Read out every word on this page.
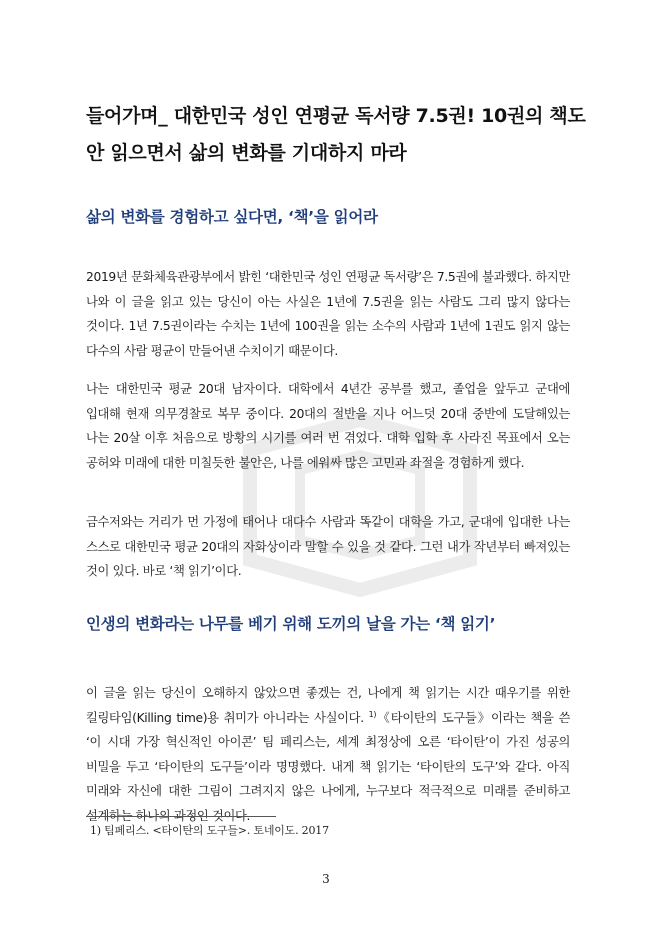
들어가며_ 대한민국 성인 연평균 독서량 7.5권! 10권의 책도 안 읽으면서 삶의 변화를 기대하지 마라
삶의 변화를 경험하고 싶다면, ‘책’을 읽어라

2019년 문화체육관광부에서 밝힌 ‘대한민국 성인 연평균 독서량’은 7.5권에 불과했다. 하지만 나와 이 글을 읽고 있는 당신이 아는 사실은 1년에 7.5권을 읽는 사람도 그리 많지 않다는 것이다. 1년 7.5권이라는 수치는 1년에 100권을 읽는 소수의 사람과 1년에 1권도 읽지 않는 다수의 사람 평균이 만들어낸 수치이기 때문이다.

나는 대한민국 평균 20대 남자이다. 대학에서 4년간 공부를 했고, 졸업을 앞두고 군대에 입대해 현재 의무경찰로 복무 중이다. 20대의 절반을 지나 어느덧 20대 중반에 도달해있는 나는 20살 이후 처음으로 방황의 시기를 여러 번 겪었다. 대학 입학 후 사라진 목표에서 오는 공허와 미래에 대한 미칠듯한 불안은, 나를 에워싸 많은 고민과 좌절을 경험하게 했다.

금수저와는 거리가 먼 가정에 태어나 대다수 사람과 똑같이 대학을 가고, 군대에 입대한 나는 스스로 대한민국 평균 20대의 자화상이라 말할 수 있을 것 같다. 그런 내가 작년부터 빠져있는 것이 있다. 바로 ‘책 읽기’이다.

인생의 변화라는 나무를 베기 위해 도끼의 날을 가는 ‘책 읽기’

이 글을 읽는 당신이 오해하지 않았으면 좋겠는 건, 나에게 책 읽기는 시간 때우기를 위한 킬링타임(Killing time)용 취미가 아니라는 사실이다. $^{1)}$《타이탄의 도구들》이라는 책을 쓴 ‘이 시대 가장 혁신적인 아이콘’ 팀 페리스는, 세계 최정상에 오른 ‘타이탄’이 가진 성공의 비밀을 두고 ‘타이탄의 도구들’이라 명명했다. 내게 책 읽기는 ‘타이탄의 도구’와 같다. 아직 미래와 자신에 대한 그림이 그려지지 않은 나에게, 누구보다 적극적으로 미래를 준비하고 설계하는 하나의 과정인 것이다.

1) 팀페리스. <타이탄의 도구들>. 토네이도. 2017
3
